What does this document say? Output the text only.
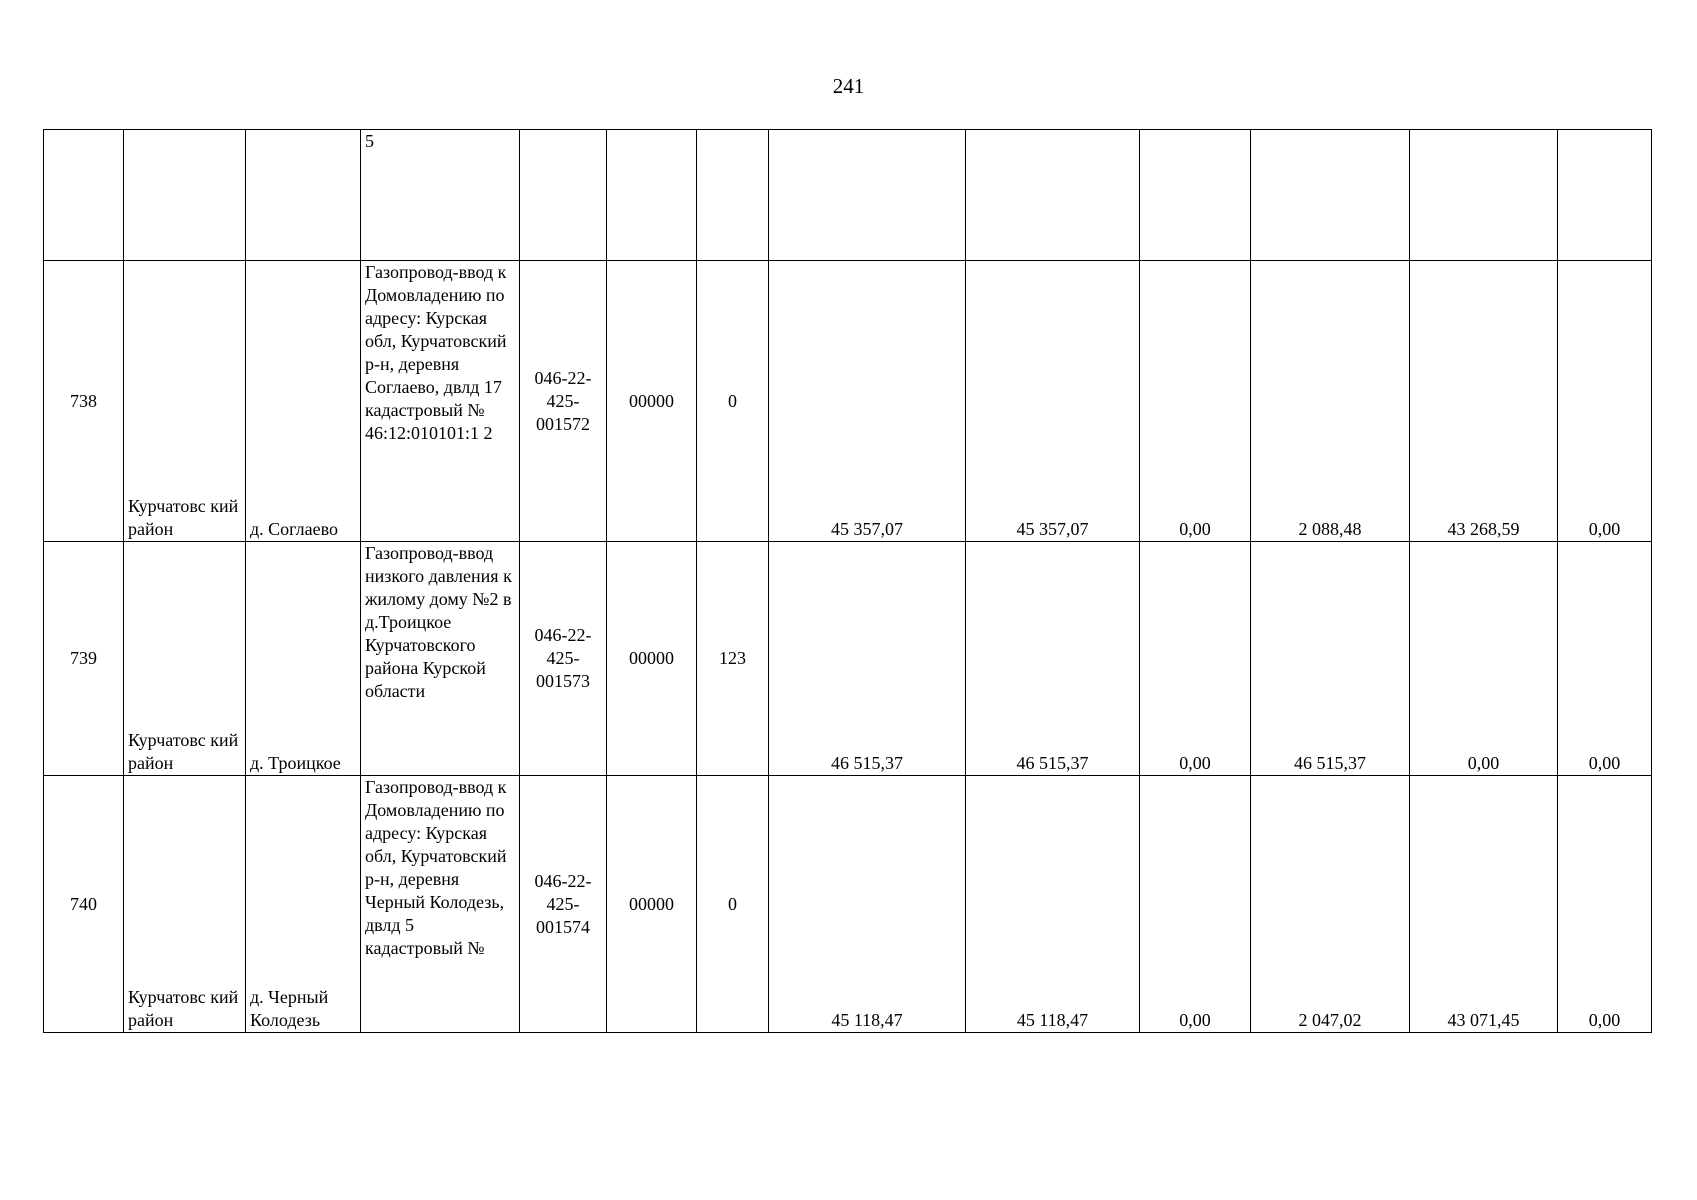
241
			5									
738	Курчатовс кий район	д. Соглаево	Газопровод-ввод к Домовладению по адресу: Курская обл, Курчатовский р-н, деревня Соглаево, двлд 17 кадастровый № 46:12:010101:1 2	046-22-425-001572	00000	0	45 357,07	45 357,07	0,00	2 088,48	43 268,59	0,00
739	Курчатовс кий район	д. Троицкое	Газопровод-ввод низкого давления к жилому дому №2 в д.Троицкое Курчатовского района Курской области	046-22-425-001573	00000	123	46 515,37	46 515,37	0,00	46 515,37	0,00	0,00
740	Курчатовс кий район	д. Черный Колодезь	Газопровод-ввод к Домовладению по адресу: Курская обл, Курчатовский р-н, деревня Черный Колодезь, двлд 5 кадастровый №	046-22-425-001574	00000	0	45 118,47	45 118,47	0,00	2 047,02	43 071,45	0,00
